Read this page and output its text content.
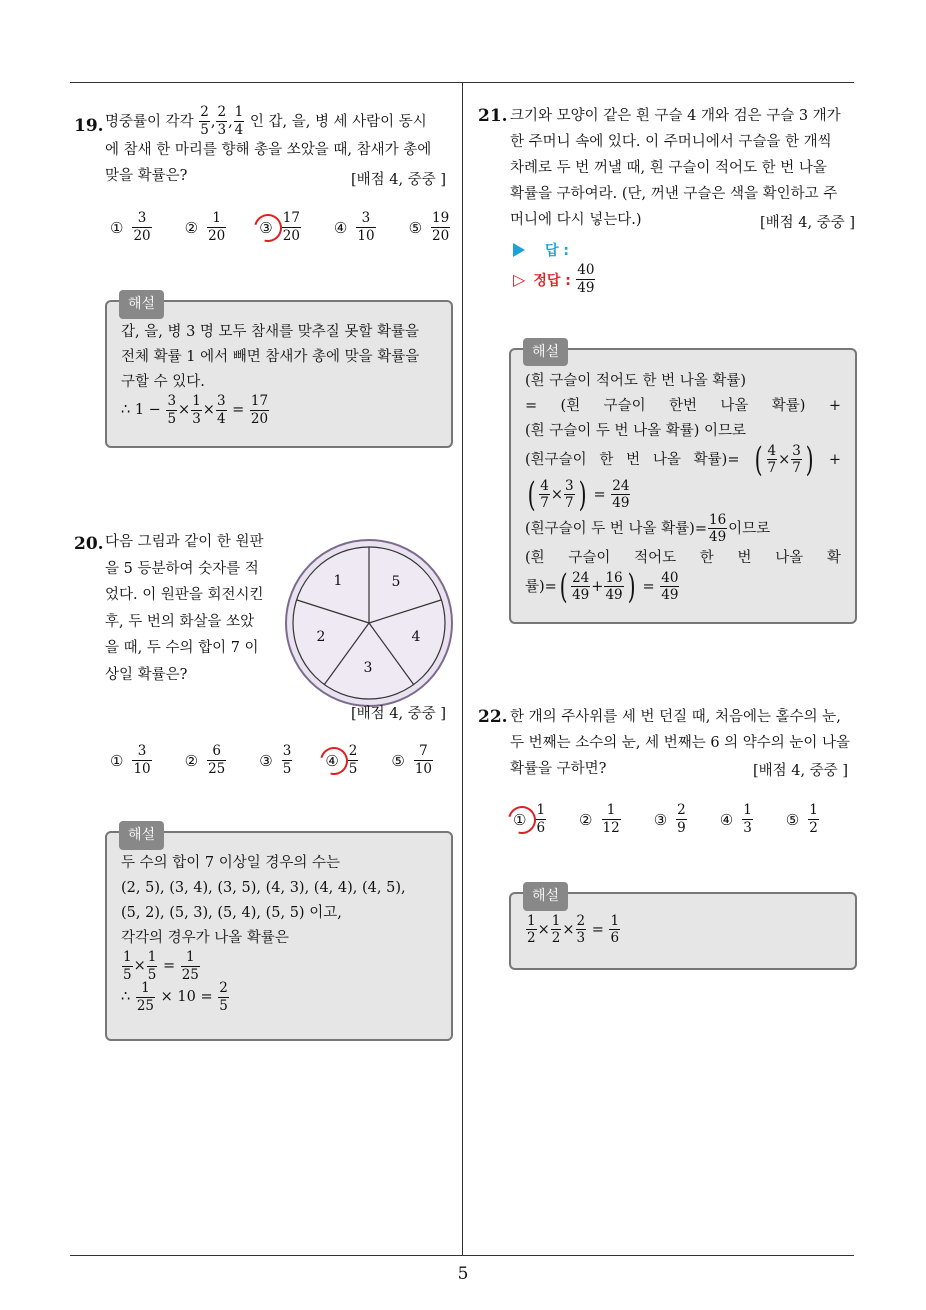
5
19. 명중률이 각각
$\frac{2}{5}$ , $\frac{2}{3}$ , $\frac{1}{4}$
인 갑, 을, 병 세 사람이 동시
에 참새 한 마리를 향해 총을 쏘았을 때, 참새가 총에
맞을 확률은?	[배점 4, 중중 ]
① $\frac{3}{20}$ ② $\frac{1}{20}$ ③ $\frac{17}{20}$ ④ $\frac{3}{10}$ ⑤ $\frac{19}{20}$
해설
갑, 을, 병 3 명 모두 참새를 맞추질 못할 확률을
전체 확률 1 에서 빼면 참새가 총에 맞을 확률을
구할 수 있다.
∴ 1 −
$\frac{3}{5} \times \frac{1}{3} \times \frac{3}{4}$
=
$\frac{17}{20}$
20. 다음 그림과 같이 한 원판
을 5 등분하여 숫자를 적
었다. 이 원판을 회전시킨
후, 두 번의 화살을 쏘았
을 때, 두 수의 합이 7 이
상일 확률은?
1	5
4
3
2
[배점 4, 중중 ]
① $\frac{3}{10}$ ② $\frac{6}{25}$ ③ $\frac{3}{5}$ ④ $\frac{2}{5}$ ⑤ $\frac{7}{10}$
해설
두 수의 합이 7 이상일 경우의 수는
(2, 5), (3, 4), (3, 5), (4, 3), (4, 4), (4, 5),
(5, 2), (5, 3), (5, 4), (5, 5) 이고,
각각의 경우가 나올 확률은
$\frac{1}{5} \times \frac{1}{5} = \frac{1}{25}$
∴
$\frac{1}{25}$
× 10 =
$\frac{2}{5}$
21. 크기와 모양이 같은 흰 구슬 4 개와 검은 구슬 3 개가
한 주머니 속에 있다. 이 주머니에서 구슬을 한 개씩
차례로 두 번 꺼낼 때, 흰 구슬이 적어도 한 번 나올
확률을 구하여라. (단, 꺼낸 구슬은 색을 확인하고 주
머니에 다시 넣는다.)	[배점 4, 중중 ]
답 :
▷ 정답 :
$\frac{40}{49}$
해설
(흰 구슬이 적어도 한 번 나올 확률)
= (흰 구슬이 한번 나올 확률) +
(흰 구슬이 두 번 나올 확률) 이므로
(흰구슬이 한 번 나올 확률)= ( $\frac{4}{7} \times \frac{3}{7}$ ) +
( $\frac{4}{7} \times \frac{3}{7}$ ) = $\frac{24}{49}$
(흰구슬이 두 번 나올 확률)= $\frac{16}{49}$ 이므로
(흰 구슬이 적어도 한 번 나올 확
률)= ( $\frac{24}{49} + \frac{16}{49}$ ) = $\frac{40}{49}$
22. 한 개의 주사위를 세 번 던질 때, 처음에는 홀수의 눈,
두 번째는 소수의 눈, 세 번째는 6 의 약수의 눈이 나올
확률을 구하면?	[배점 4, 중중 ]
① $\frac{1}{6}$ ② $\frac{1}{12}$ ③ $\frac{2}{9}$ ④ $\frac{1}{3}$ ⑤ $\frac{1}{2}$
해설
$\frac{1}{2} \times \frac{1}{2} \times \frac{2}{3} = \frac{1}{6}$
